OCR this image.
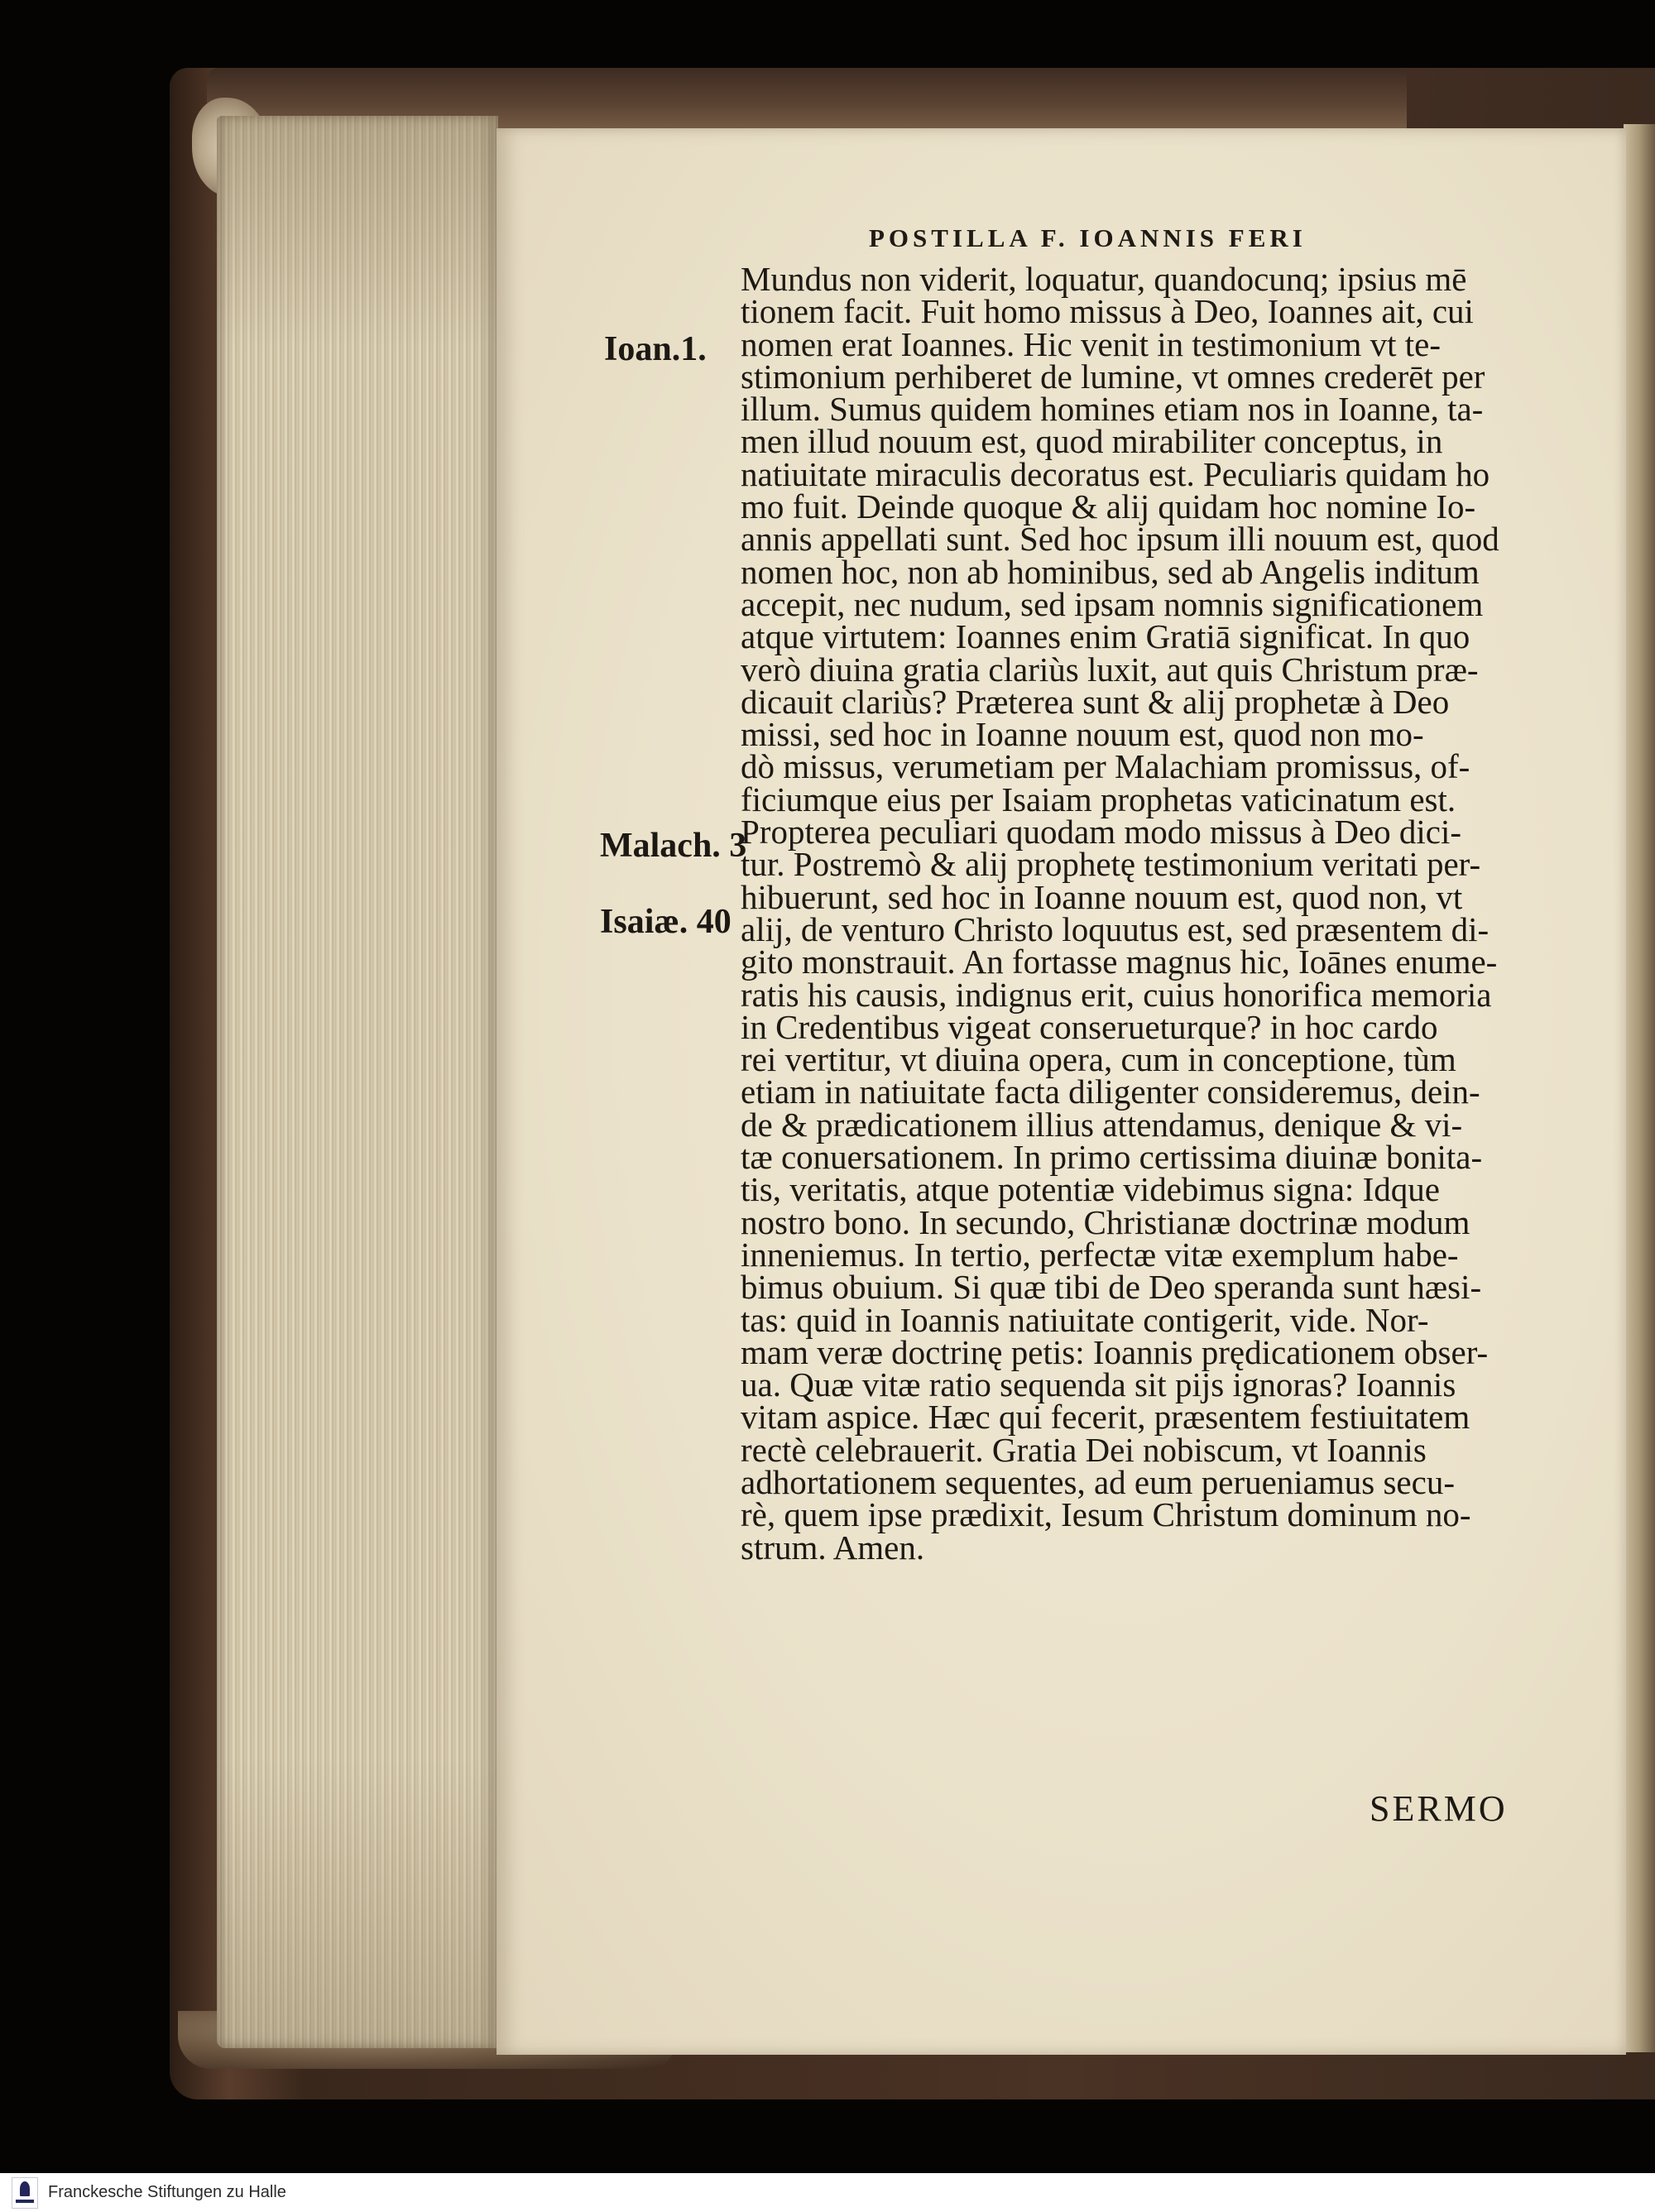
POSTILLA F. IOANNIS FERI
Ioan.1.
Malach. 3
Isaiæ. 40
Mundus non viderit, loquatur, quandocunq; ipsius mē
tionem facit. Fuit homo missus à Deo, Ioannes ait, cui
nomen erat Ioannes. Hic venit in testimonium vt te-
stimonium perhiberet de lumine, vt omnes crederēt per
illum. Sumus quidem homines etiam nos in Ioanne, ta-
men illud nouum est, quod mirabiliter conceptus, in
natiuitate miraculis decoratus est. Peculiaris quidam ho
mo fuit. Deinde quoque & alij quidam hoc nomine Io-
annis appellati sunt. Sed hoc ipsum illi nouum est, quod
nomen hoc, non ab hominibus, sed ab Angelis inditum
accepit, nec nudum, sed ipsam nomnis significationem
atque virtutem: Ioannes enim Gratiā significat. In quo
verò diuina gratia clariùs luxit, aut quis Christum præ-
dicauit clariùs? Præterea sunt & alij prophetæ à Deo
missi, sed hoc in Ioanne nouum est, quod non mo-
dò missus, verumetiam per Malachiam promissus, of-
ficiumque eius per Isaiam prophetas vaticinatum est.
Propterea peculiari quodam modo missus à Deo dici-
tur. Postremò & alij prophetę testimonium veritati per-
hibuerunt, sed hoc in Ioanne nouum est, quod non, vt
alij, de venturo Christo loquutus est, sed præsentem di-
gito monstrauit. An fortasse magnus hic, Ioānes enume-
ratis his causis, indignus erit, cuius honorifica memoria
in Credentibus vigeat conserueturque? in hoc cardo
rei vertitur, vt diuina opera, cum in conceptione, tùm
etiam in natiuitate facta diligenter consideremus, dein-
de & prædicationem illius attendamus, denique & vi-
tæ conuersationem. In primo certissima diuinæ bonita-
tis, veritatis, atque potentiæ videbimus signa: Idque
nostro bono. In secundo, Christianæ doctrinæ modum
inneniemus. In tertio, perfectæ vitæ exemplum habe-
bimus obuium. Si quæ tibi de Deo speranda sunt hæsi-
tas: quid in Ioannis natiuitate contigerit, vide. Nor-
mam veræ doctrinę petis: Ioannis prędicationem obser-
ua. Quæ vitæ ratio sequenda sit pijs ignoras? Ioannis
vitam aspice. Hæc qui fecerit, præsentem festiuitatem
rectè celebrauerit. Gratia Dei nobiscum, vt Ioannis
adhortationem sequentes, ad eum perueniamus secu-
rè, quem ipse prædixit, Iesum Christum dominum no-
strum. Amen.
SERMO
Franckesche Stiftungen zu Halle
